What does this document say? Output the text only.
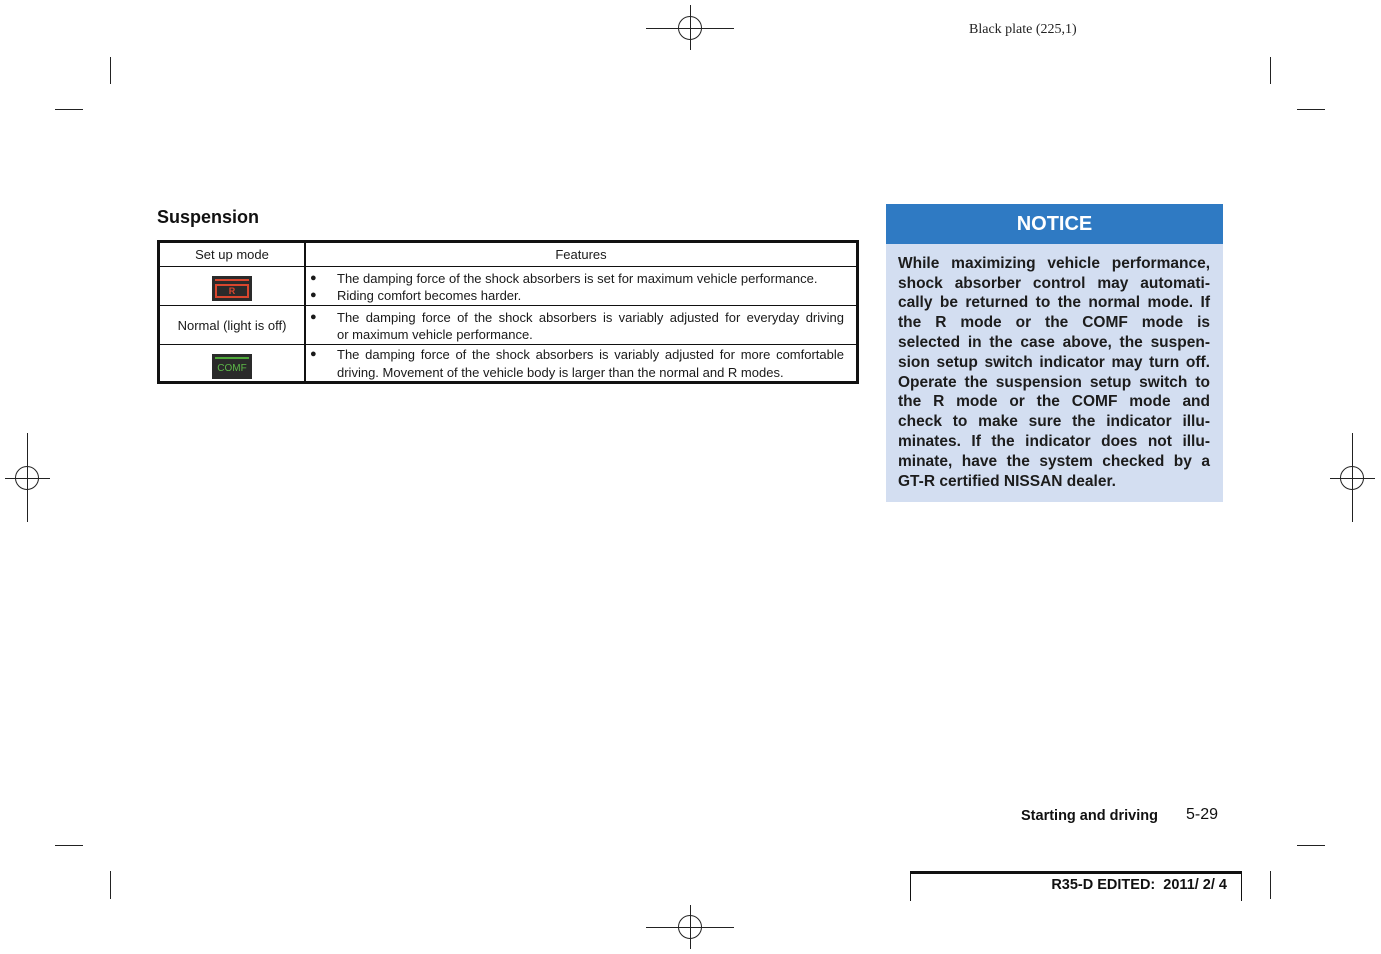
Black plate (225,1)
Suspension
Set up mode	Features
R
● The damping force of the shock absorbers is set for maximum vehicle performance.
● Riding comfort becomes harder.
Normal (light is off)
● The damping force of the shock absorbers is variably adjusted for everyday driving
or maximum vehicle performance.
COMF
● The damping force of the shock absorbers is variably adjusted for more comfortable
driving. Movement of the vehicle body is larger than the normal and R modes.
NOTICE
While maximizing vehicle performance,
shock absorber control may automati-
cally be returned to the normal mode. If
the R mode or the COMF mode is
selected in the case above, the suspen-
sion setup switch indicator may turn off.
Operate the suspension setup switch to
the R mode or the COMF mode and
check to make sure the indicator illu-
minates. If the indicator does not illu-
minate, have the system checked by a
GT-R certified NISSAN dealer.
Starting and driving 5-29
R35-D EDITED:  2011/ 2/ 4
